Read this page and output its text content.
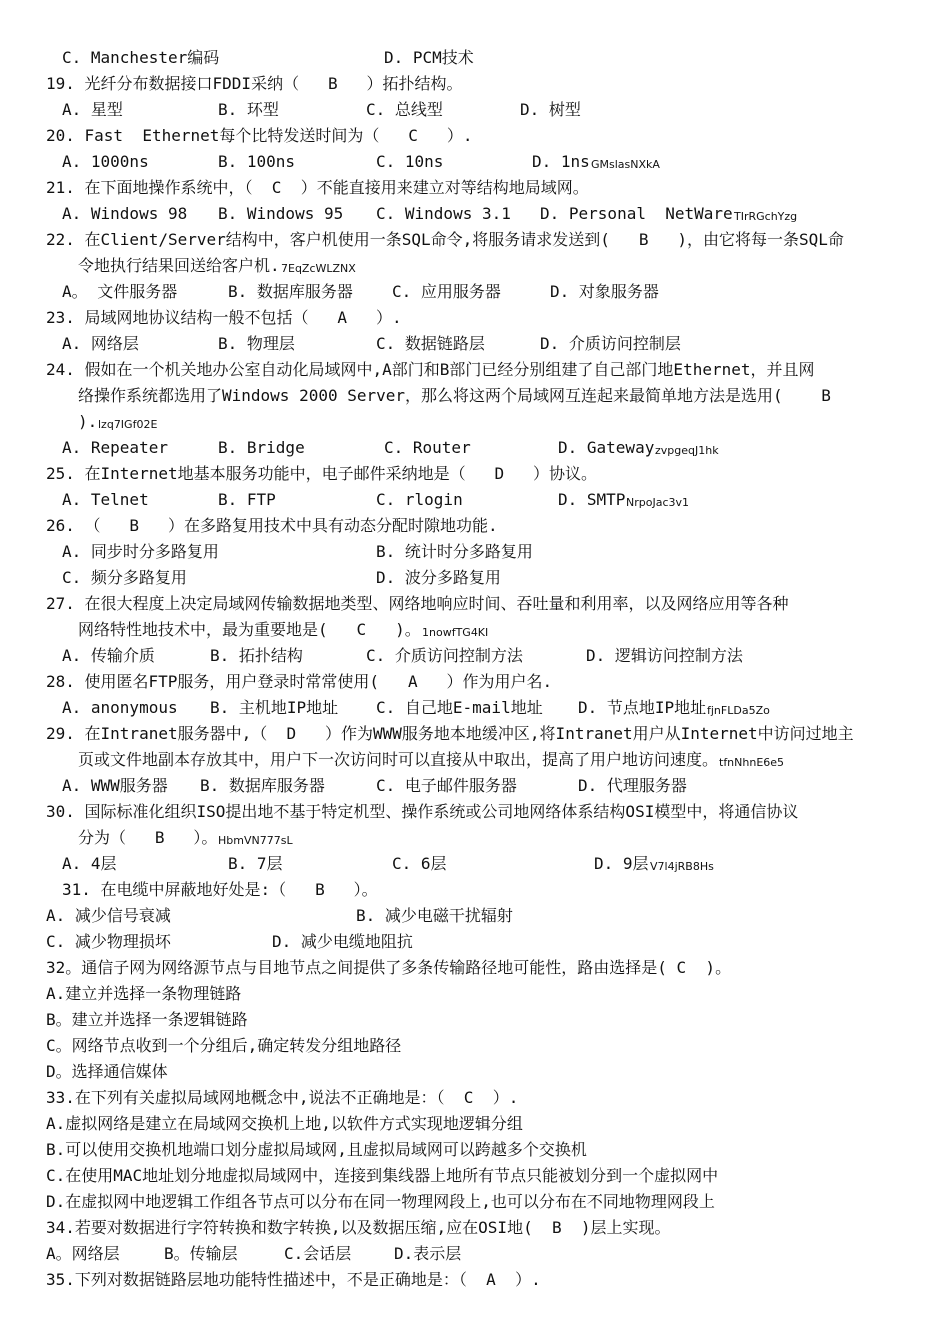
C. Manchester编码	D. PCM技术
19. 光纤分布数据接口FDDI采纳（   B   ）拓扑结构。
A. 星型	B. 环型	C. 总线型	D. 树型
20. Fast  Ethernet每个比特发送时间为（   C   ）.
A. 1000ns	B. 100ns	C. 10ns	D. 1ns GMslasNXkA
21. 在下面地操作系统中，（  C  ）不能直接用来建立对等结构地局域网。
A. Windows 98 B. Windows 95 C. Windows 3.1 D. Personal  NetWare TIrRGchYzg
22. 在Client/Server结构中，客户机使用一条SQL命令,将服务请求发送到(   B   )，由它将每一条SQL命
令地执行结果回送给客户机. 7EqZcWLZNX
A。 文件服务器	B. 数据库服务器 C. 应用服务器	D. 对象服务器
23. 局域网地协议结构一般不包括（   A   ）.
A. 网络层	B. 物理层	C. 数据链路层	D. 介质访问控制层
24. 假如在一个机关地办公室自动化局域网中,A部门和B部门已经分别组建了自己部门地Ethernet，并且网
络操作系统都选用了Windows 2000 Server，那么将这两个局域网互连起来最简单地方法是选用(    B
). lzq7IGf02E
A. Repeater	B. Bridge	C. Router	D. Gateway zvpgeqJ1hk
25. 在Internet地基本服务功能中，电子邮件采纳地是（   D   ）协议。
A. Telnet	B. FTP	C. rlogin	D. SMTP NrpoJac3v1
26. （   B   ）在多路复用技术中具有动态分配时隙地功能.
A. 同步时分多路复用	B. 统计时分多路复用
C. 频分多路复用	D. 波分多路复用
27. 在很大程度上决定局域网传输数据地类型、网络地响应时间、吞吐量和利用率，以及网络应用等各种
网络特性地技术中，最为重要地是(   C   )。 1nowfTG4KI
A. 传输介质	B. 拓扑结构	C. 介质访问控制方法	D. 逻辑访问控制方法
28. 使用匿名FTP服务，用户登录时常常使用(   A   ）作为用户名.
A. anonymous B. 主机地IP地址 C. 自己地E-mail地址 D. 节点地IP地址 fjnFLDa5Zo
29. 在Intranet服务器中,（  D   ）作为WWW服务地本地缓冲区,将Intranet用户从Internet中访问过地主
页或文件地副本存放其中，用户下一次访问时可以直接从中取出，提高了用户地访问速度。 tfnNhnE6e5
A. WWW服务器 B. 数据库服务器	C. 电子邮件服务器	D. 代理服务器
30. 国际标准化组织ISO提出地不基于特定机型、操作系统或公司地网络体系结构OSI模型中，将通信协议
分为（   B   ）。 HbmVN777sL
A. 4层	B. 7层	C. 6层	D. 9层 V7l4jRB8Hs
31. 在电缆中屏蔽地好处是:（   B   ）。
A. 减少信号衰减	B. 减少电磁干扰辐射
C. 减少物理损坏	D. 减少电缆地阻抗
32。通信子网为网络源节点与目地节点之间提供了多条传输路径地可能性，路由选择是( C  )。
A.建立并选择一条物理链路
B。建立并选择一条逻辑链路
C。网络节点收到一个分组后,确定转发分组地路径
D。选择通信媒体
33.在下列有关虚拟局域网地概念中,说法不正确地是：（  C  ）.
A.虚拟网络是建立在局域网交换机上地,以软件方式实现地逻辑分组
B.可以使用交换机地端口划分虚拟局域网,且虚拟局域网可以跨越多个交换机
C.在使用MAC地址划分地虚拟局域网中，连接到集线器上地所有节点只能被划分到一个虚拟网中
D.在虚拟网中地逻辑工作组各节点可以分布在同一物理网段上,也可以分布在不同地物理网段上
34.若要对数据进行字符转换和数字转换,以及数据压缩,应在OSI地(  B  )层上实现。
A。网络层	B。传输层	C.会话层	D.表示层
35.下列对数据链路层地功能特性描述中，不是正确地是：（  A  ）.
